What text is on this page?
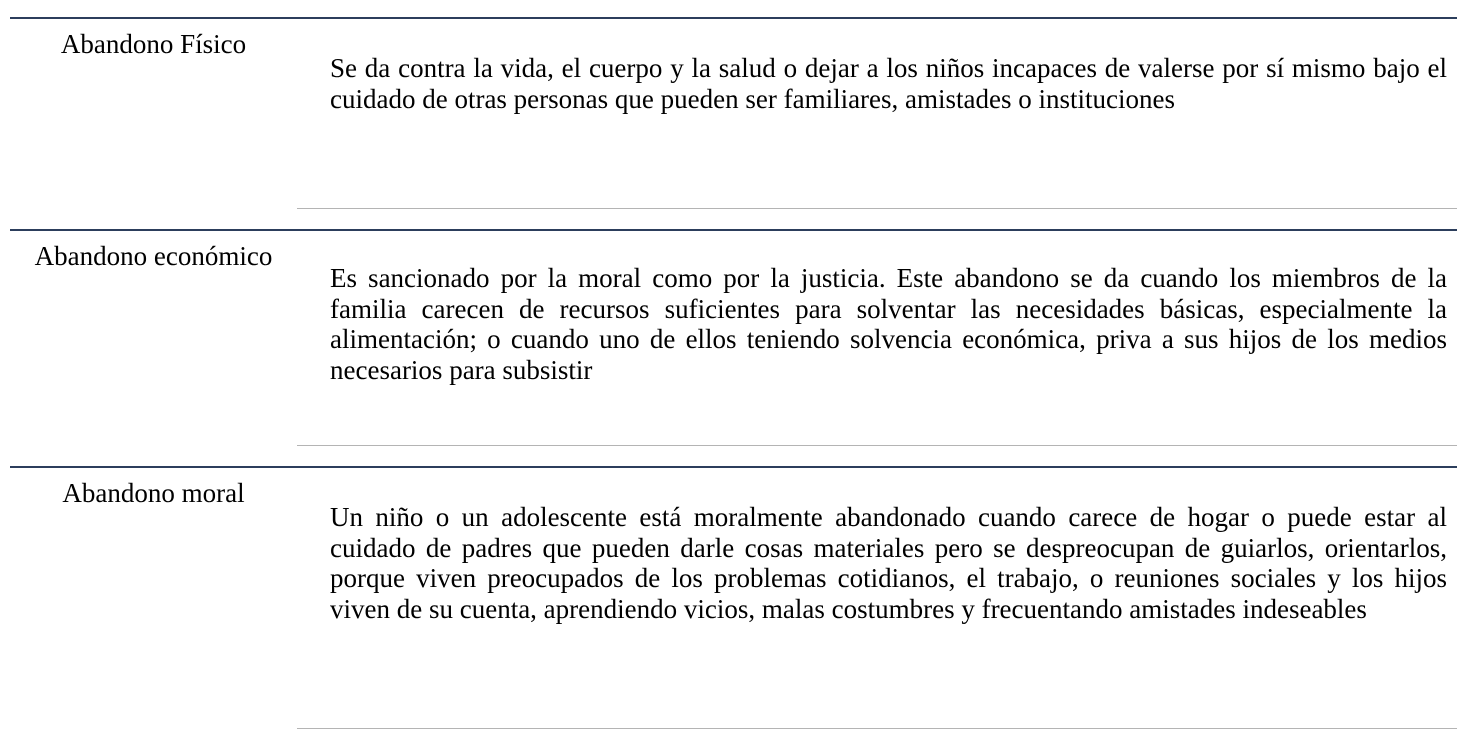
Abandono Físico
Se da contra la vida, el cuerpo y la salud o dejar a los niños incapaces de valerse por sí mismo bajo el cuidado de otras personas que pueden ser familiares, amistades o instituciones
Abandono económico
Es sancionado por la moral como por la justicia. Este abandono se da cuando los miembros de la familia carecen de recursos suficientes para solventar las necesidades básicas, especialmente la alimentación; o cuando uno de ellos teniendo solvencia económica, priva a sus hijos de los medios necesarios para subsistir
Abandono moral
Un niño o un adolescente está moralmente abandonado cuando carece de hogar o puede estar al cuidado de padres que pueden darle cosas materiales pero se despreocupan de guiarlos, orientarlos, porque viven preocupados de los problemas cotidianos, el trabajo, o reuniones sociales y los hijos viven de su cuenta, aprendiendo vicios, malas costumbres y frecuentando amistades indeseables
